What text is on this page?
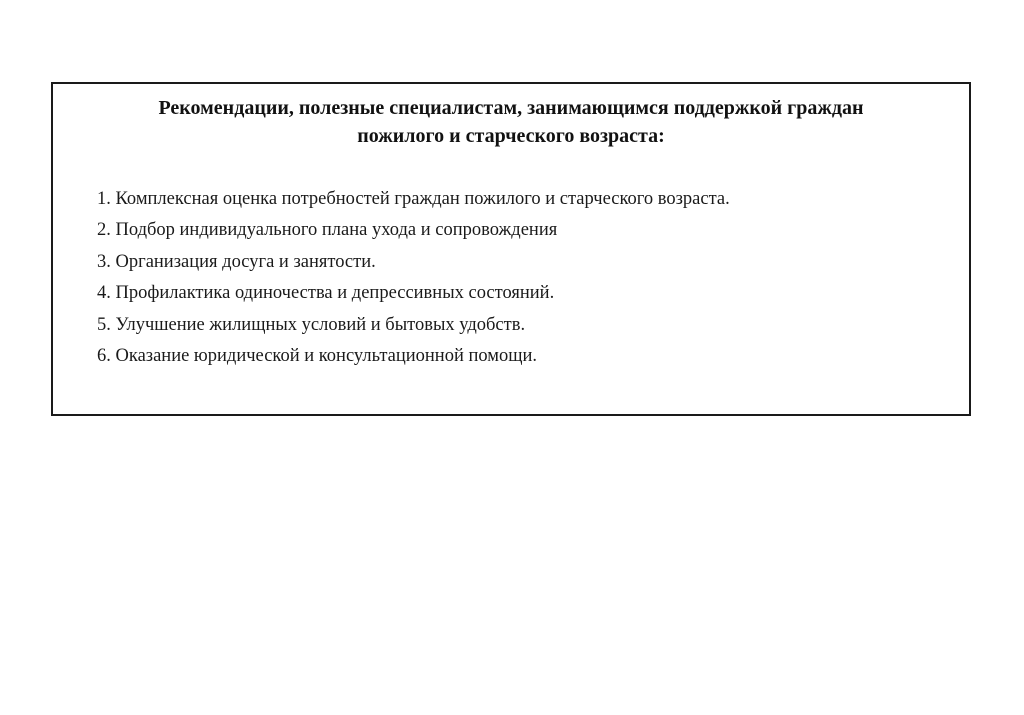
Рекомендации, полезные специалистам, занимающимся поддержкой граждан
пожилого и старческого возраста:
1. Комплексная оценка потребностей граждан пожилого и старческого возраста.
2. Подбор индивидуального плана ухода и сопровождения
3. Организация досуга и занятости.
4. Профилактика одиночества и депрессивных состояний.
5. Улучшение жилищных условий и бытовых удобств.
6. Оказание юридической и консультационной помощи.
